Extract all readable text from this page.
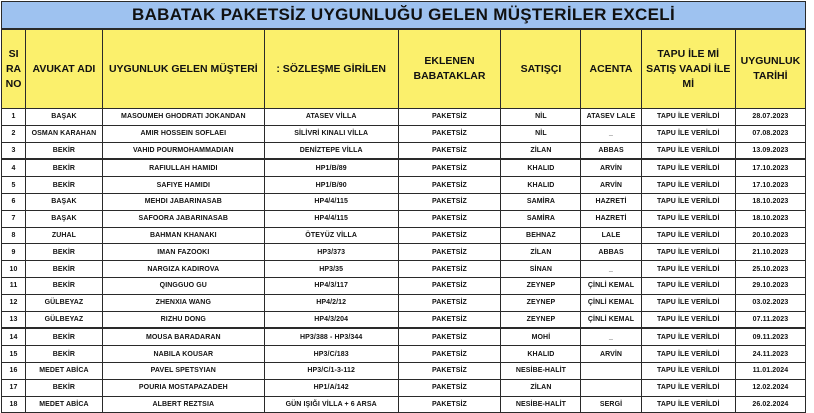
BABATAK PAKETSİZ UYGUNLUĞU GELEN MÜŞTERİLER EXCELİ
SI RA NO	AVUKAT ADI	UYGUNLUK GELEN MÜŞTERİ	: SÖZLEŞME GİRİLEN	EKLENEN BABATAKLAR	SATIŞÇI	ACENTA	TAPU İLE Mİ SATIŞ VAADİ İLE Mİ	UYGUNLUK TARİHİ
1	BAŞAK	MASOUMEH GHODRATI JOKANDAN	ATASEV VİLLA	PAKETSİZ	NİL	ATASEV LALE	TAPU İLE VERİLDİ	28.07.2023
2	OSMAN KARAHAN	AMIR HOSSEIN SOFLAEI	SİLİVRİ KINALI VİLLA	PAKETSİZ	NİL	_	TAPU İLE VERİLDİ	07.08.2023
3	BEKİR	VAHID POURMOHAMMADIAN	DENİZTEPE VİLLA	PAKETSİZ	ZİLAN	ABBAS	TAPU İLE VERİLDİ	13.09.2023
4	BEKİR	RAFIULLAH HAMIDI	HP1/B/89	PAKETSİZ	KHALID	ARVİN	TAPU İLE VERİLDİ	17.10.2023
5	BEKİR	SAFIYE HAMIDI	HP1/B/90	PAKETSİZ	KHALID	ARVİN	TAPU İLE VERİLDİ	17.10.2023
6	BAŞAK	MEHDI JABARINASAB	HP4/4/115	PAKETSİZ	SAMİRA	HAZRETİ	TAPU İLE VERİLDİ	18.10.2023
7	BAŞAK	SAFOORA JABARINASAB	HP4/4/115	PAKETSİZ	SAMİRA	HAZRETİ	TAPU İLE VERİLDİ	18.10.2023
8	ZUHAL	BAHMAN KHANAKI	ÖTEYÜZ VİLLA	PAKETSİZ	BEHNAZ	LALE	TAPU İLE VERİLDİ	20.10.2023
9	BEKİR	IMAN FAZOOKI	HP3/373	PAKETSİZ	ZİLAN	ABBAS	TAPU İLE VERİLDİ	21.10.2023
10	BEKİR	NARGIZA KADIROVA	HP3/35	PAKETSİZ	SİNAN	_	TAPU İLE VERİLDİ	25.10.2023
11	BEKİR	QINGGUO GU	HP4/3/117	PAKETSİZ	ZEYNEP	ÇİNLİ KEMAL	TAPU İLE VERİLDİ	29.10.2023
12	GÜLBEYAZ	ZHENXIA WANG	HP4/2/12	PAKETSİZ	ZEYNEP	ÇİNLİ KEMAL	TAPU İLE VERİLDİ	03.02.2023
13	GÜLBEYAZ	RIZHU DONG	HP4/3/204	PAKETSİZ	ZEYNEP	ÇİNLİ KEMAL	TAPU İLE VERİLDİ	07.11.2023
14	BEKİR	MOUSA BARADARAN	HP3/388 - HP3/344	PAKETSİZ	MOHİ	_	TAPU İLE VERİLDİ	09.11.2023
15	BEKİR	NABILA KOUSAR	HP3/C/183	PAKETSİZ	KHALID	ARVİN	TAPU İLE VERİLDİ	24.11.2023
16	MEDET ABİCA	PAVEL SPETSYIAN	HP3/C/1-3-112	PAKETSİZ	NESİBE-HALİT		TAPU İLE VERİLDİ	11.01.2024
17	BEKİR	POURIA MOSTAPAZADEH	HP1/A/142	PAKETSİZ	ZİLAN		TAPU İLE VERİLDİ	12.02.2024
18	MEDET ABİCA	ALBERT REZTSIA	GÜN IŞIĞI VİLLA + 6 ARSA	PAKETSİZ	NESİBE-HALİT	SERGİ	TAPU İLE VERİLDİ	26.02.2024
